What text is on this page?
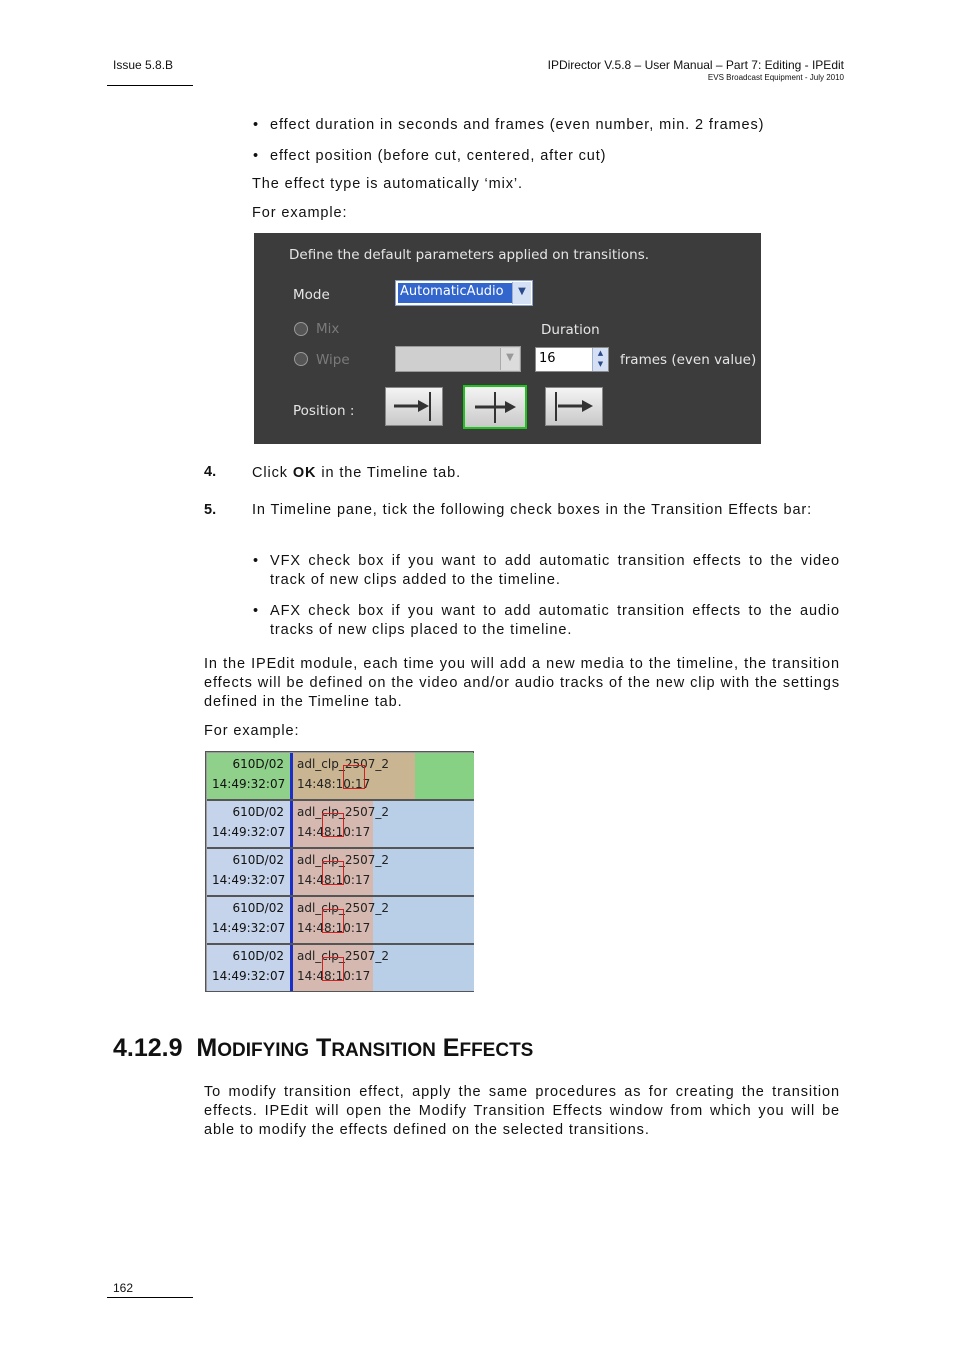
Issue 5.8.B	IPDirector V.5.8 – User Manual – Part 7: Editing - IPEdit
EVS Broadcast Equipment - July 2010
• effect duration in seconds and frames (even number, min. 2 frames)
• effect position (before cut, centered, after cut)
The effect type is automatically ‘mix’.
For example:
Define the default parameters applied on transitions.
Mode	AutomaticAudio	▼
Mix	Duration
Wipe	▼	16	▲
▼	frames (even value)
Position :
4. Click OK in the Timeline tab.
5. In Timeline pane, tick the following check boxes in the Transition Effects bar:
• VFX check box if you want to add automatic transition effects to the video track of new clips added to the timeline.
• AFX check box if you want to add automatic transition effects to the audio tracks of new clips placed to the timeline.
In the IPEdit module, each time you will add a new media to the timeline, the transition effects will be defined on the video and/or audio tracks of the new clip with the settings defined in the Timeline tab.
For example:
610D/02
14:49:32:07
adl_clp_2507_2
14:48:10:17
610D/02
14:49:32:07
adl_clp_2507_2
14:48:10:17
610D/02
14:49:32:07
adl_clp_2507_2
14:48:10:17
610D/02
14:49:32:07
adl_clp_2507_2
14:48:10:17
610D/02
14:49:32:07
adl_clp_2507_2
14:48:10:17
4.12.9 MODIFYING TRANSITION EFFECTS
To modify transition effect, apply the same procedures as for creating the transition effects. IPEdit will open the Modify Transition Effects window from which you will be able to modify the effects defined on the selected transitions.
162
